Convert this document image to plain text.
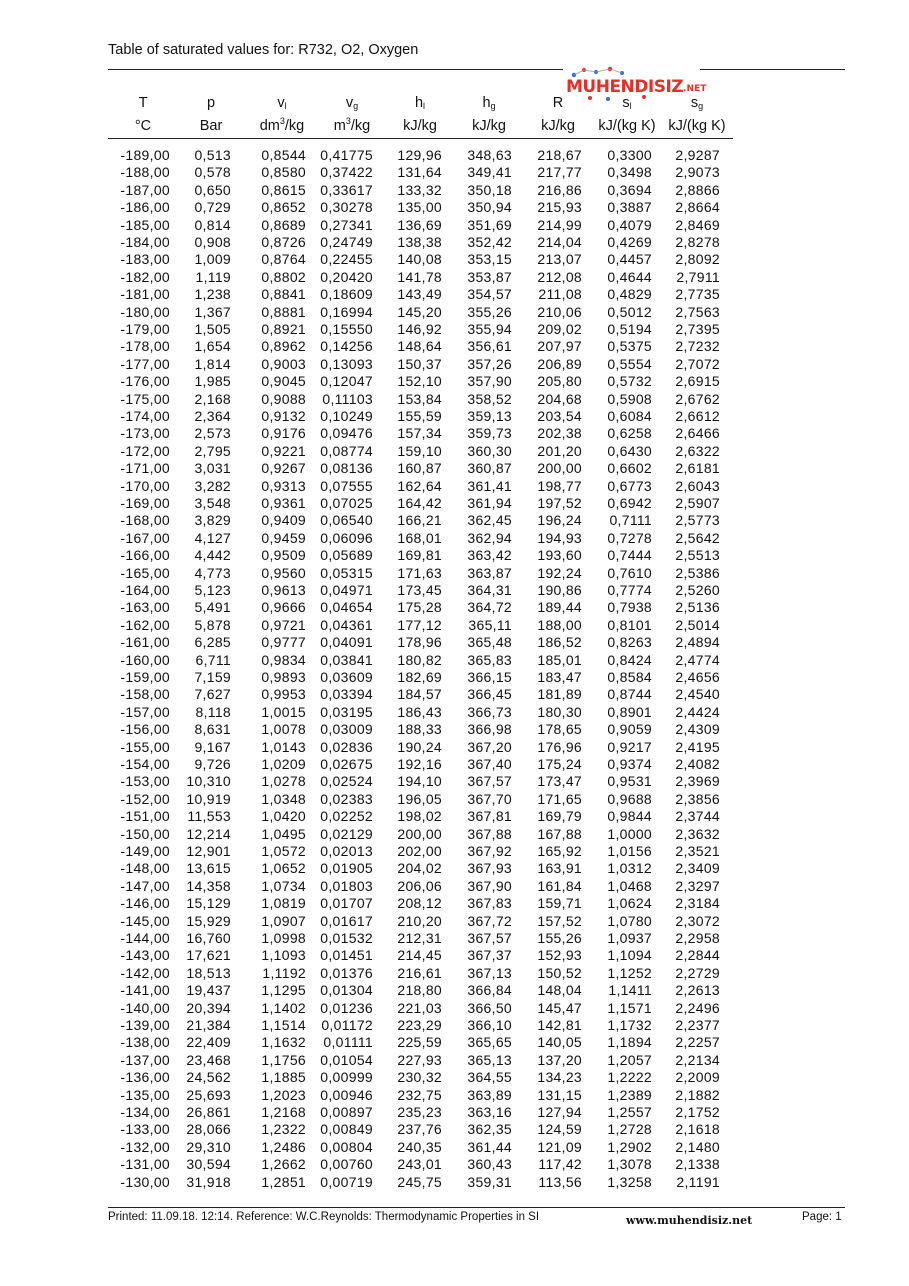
Table of saturated values for: R732, O2, Oxygen
MUHENDISIZ.NET
T
°C
p
Bar
$v_l$
$dm^3/kg$
$v_g$
$m^3/kg$
$h_l$
kJ/kg
$h_g$
kJ/kg
R
kJ/kg
$s_l$
kJ/(kg K)
$s_g$
kJ/(kg K)
-189,00 0,513 0,8544 0,41775 129,96 348,63 218,67 0,3300 2,9287
-188,00 0,578 0,8580 0,37422 131,64 349,41 217,77 0,3498 2,9073
-187,00 0,650 0,8615 0,33617 133,32 350,18 216,86 0,3694 2,8866
-186,00 0,729 0,8652 0,30278 135,00 350,94 215,93 0,3887 2,8664
-185,00 0,814 0,8689 0,27341 136,69 351,69 214,99 0,4079 2,8469
-184,00 0,908 0,8726 0,24749 138,38 352,42 214,04 0,4269 2,8278
-183,00 1,009 0,8764 0,22455 140,08 353,15 213,07 0,4457 2,8092
-182,00 1,119 0,8802 0,20420 141,78 353,87 212,08 0,4644 2,7911
-181,00 1,238 0,8841 0,18609 143,49 354,57 211,08 0,4829 2,7735
-180,00 1,367 0,8881 0,16994 145,20 355,26 210,06 0,5012 2,7563
-179,00 1,505 0,8921 0,15550 146,92 355,94 209,02 0,5194 2,7395
-178,00 1,654 0,8962 0,14256 148,64 356,61 207,97 0,5375 2,7232
-177,00 1,814 0,9003 0,13093 150,37 357,26 206,89 0,5554 2,7072
-176,00 1,985 0,9045 0,12047 152,10 357,90 205,80 0,5732 2,6915
-175,00 2,168 0,9088 0,11103 153,84 358,52 204,68 0,5908 2,6762
-174,00 2,364 0,9132 0,10249 155,59 359,13 203,54 0,6084 2,6612
-173,00 2,573 0,9176 0,09476 157,34 359,73 202,38 0,6258 2,6466
-172,00 2,795 0,9221 0,08774 159,10 360,30 201,20 0,6430 2,6322
-171,00 3,031 0,9267 0,08136 160,87 360,87 200,00 0,6602 2,6181
-170,00 3,282 0,9313 0,07555 162,64 361,41 198,77 0,6773 2,6043
-169,00 3,548 0,9361 0,07025 164,42 361,94 197,52 0,6942 2,5907
-168,00 3,829 0,9409 0,06540 166,21 362,45 196,24 0,7111 2,5773
-167,00 4,127 0,9459 0,06096 168,01 362,94 194,93 0,7278 2,5642
-166,00 4,442 0,9509 0,05689 169,81 363,42 193,60 0,7444 2,5513
-165,00 4,773 0,9560 0,05315 171,63 363,87 192,24 0,7610 2,5386
-164,00 5,123 0,9613 0,04971 173,45 364,31 190,86 0,7774 2,5260
-163,00 5,491 0,9666 0,04654 175,28 364,72 189,44 0,7938 2,5136
-162,00 5,878 0,9721 0,04361 177,12 365,11 188,00 0,8101 2,5014
-161,00 6,285 0,9777 0,04091 178,96 365,48 186,52 0,8263 2,4894
-160,00 6,711 0,9834 0,03841 180,82 365,83 185,01 0,8424 2,4774
-159,00 7,159 0,9893 0,03609 182,69 366,15 183,47 0,8584 2,4656
-158,00 7,627 0,9953 0,03394 184,57 366,45 181,89 0,8744 2,4540
-157,00 8,118 1,0015 0,03195 186,43 366,73 180,30 0,8901 2,4424
-156,00 8,631 1,0078 0,03009 188,33 366,98 178,65 0,9059 2,4309
-155,00 9,167 1,0143 0,02836 190,24 367,20 176,96 0,9217 2,4195
-154,00 9,726 1,0209 0,02675 192,16 367,40 175,24 0,9374 2,4082
-153,00 10,310 1,0278 0,02524 194,10 367,57 173,47 0,9531 2,3969
-152,00 10,919 1,0348 0,02383 196,05 367,70 171,65 0,9688 2,3856
-151,00 11,553 1,0420 0,02252 198,02 367,81 169,79 0,9844 2,3744
-150,00 12,214 1,0495 0,02129 200,00 367,88 167,88 1,0000 2,3632
-149,00 12,901 1,0572 0,02013 202,00 367,92 165,92 1,0156 2,3521
-148,00 13,615 1,0652 0,01905 204,02 367,93 163,91 1,0312 2,3409
-147,00 14,358 1,0734 0,01803 206,06 367,90 161,84 1,0468 2,3297
-146,00 15,129 1,0819 0,01707 208,12 367,83 159,71 1,0624 2,3184
-145,00 15,929 1,0907 0,01617 210,20 367,72 157,52 1,0780 2,3072
-144,00 16,760 1,0998 0,01532 212,31 367,57 155,26 1,0937 2,2958
-143,00 17,621 1,1093 0,01451 214,45 367,37 152,93 1,1094 2,2844
-142,00 18,513 1,1192 0,01376 216,61 367,13 150,52 1,1252 2,2729
-141,00 19,437 1,1295 0,01304 218,80 366,84 148,04 1,1411 2,2613
-140,00 20,394 1,1402 0,01236 221,03 366,50 145,47 1,1571 2,2496
-139,00 21,384 1,1514 0,01172 223,29 366,10 142,81 1,1732 2,2377
-138,00 22,409 1,1632 0,01111 225,59 365,65 140,05 1,1894 2,2257
-137,00 23,468 1,1756 0,01054 227,93 365,13 137,20 1,2057 2,2134
-136,00 24,562 1,1885 0,00999 230,32 364,55 134,23 1,2222 2,2009
-135,00 25,693 1,2023 0,00946 232,75 363,89 131,15 1,2389 2,1882
-134,00 26,861 1,2168 0,00897 235,23 363,16 127,94 1,2557 2,1752
-133,00 28,066 1,2322 0,00849 237,76 362,35 124,59 1,2728 2,1618
-132,00 29,310 1,2486 0,00804 240,35 361,44 121,09 1,2902 2,1480
-131,00 30,594 1,2662 0,00760 243,01 360,43 117,42 1,3078 2,1338
-130,00 31,918 1,2851 0,00719 245,75 359,31 113,56 1,3258 2,1191
Printed: 11.09.18. 12:14. Reference: W.C.Reynolds: Thermodynamic Properties in SI	www.muhendisiz.net	Page: 1
